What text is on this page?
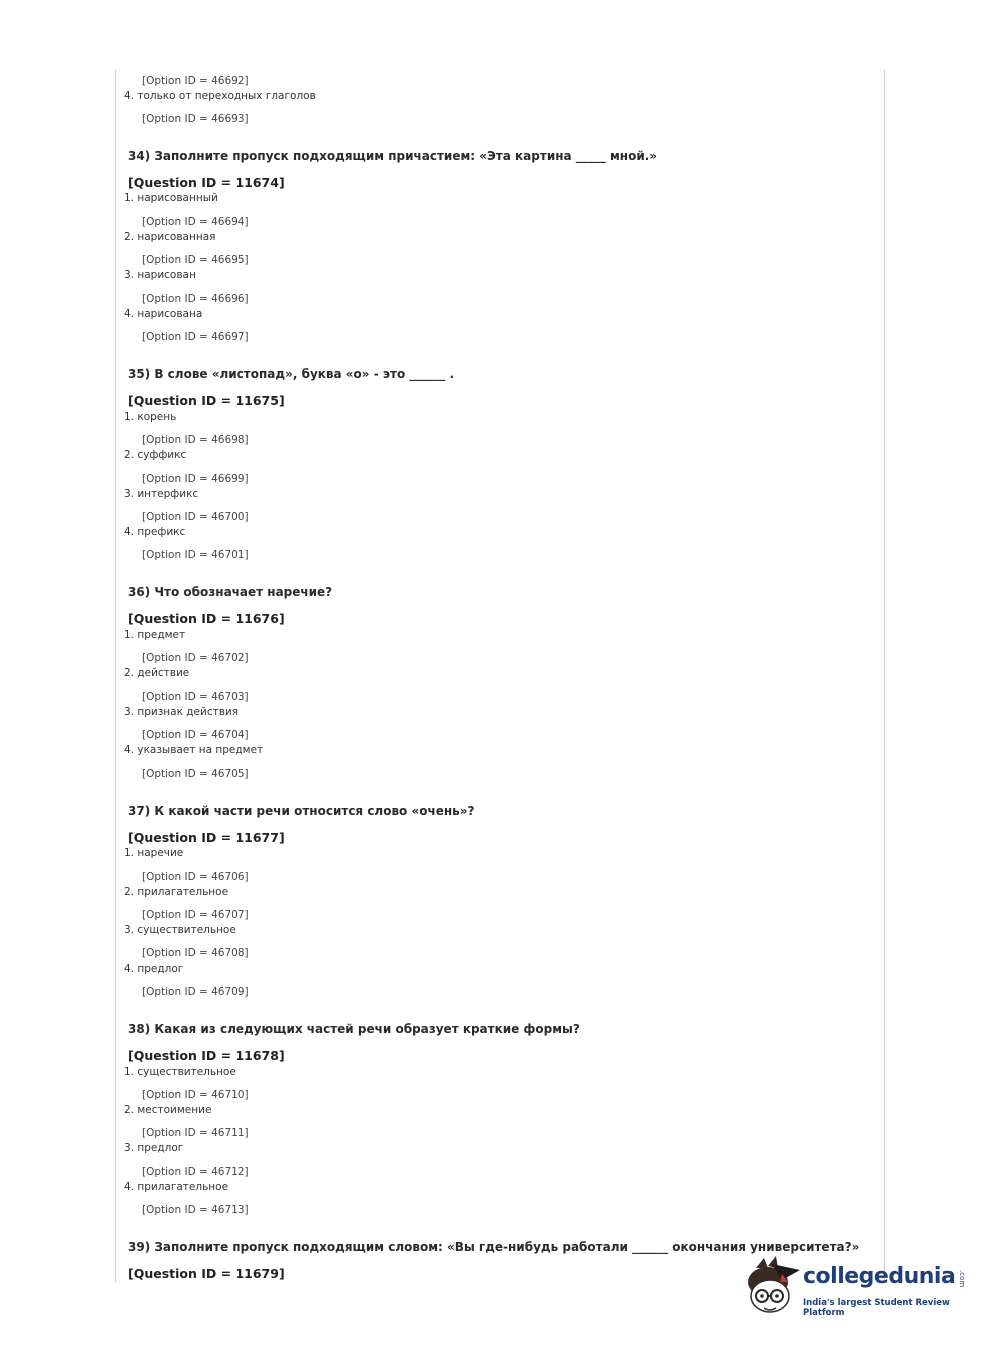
[Option ID = 46692]
4. только от переходных глаголов
[Option ID = 46693]
34) Заполните пропуск подходящим причастием: «Эта картина _____ мной.»
[Question ID = 11674]
1. нарисованный
[Option ID = 46694]
2. нарисованная
[Option ID = 46695]
3. нарисован
[Option ID = 46696]
4. нарисована
[Option ID = 46697]
35) В слове «листопад», буква «о» - это ______ .
[Question ID = 11675]
1. корень
[Option ID = 46698]
2. суффикс
[Option ID = 46699]
3. интерфикс
[Option ID = 46700]
4. префикс
[Option ID = 46701]
36) Что обозначает наречие?
[Question ID = 11676]
1. предмет
[Option ID = 46702]
2. действие
[Option ID = 46703]
3. признак действия
[Option ID = 46704]
4. указывает на предмет
[Option ID = 46705]
37) К какой части речи относится слово «очень»?
[Question ID = 11677]
1. наречие
[Option ID = 46706]
2. прилагательное
[Option ID = 46707]
3. существительное
[Option ID = 46708]
4. предлог
[Option ID = 46709]
38) Какая из следующих частей речи образует краткие формы?
[Question ID = 11678]
1. существительное
[Option ID = 46710]
2. местоимение
[Option ID = 46711]
3. предлог
[Option ID = 46712]
4. прилагательное
[Option ID = 46713]
39) Заполните пропуск подходящим словом: «Вы где-нибудь работали ______ окончания университета?»
[Question ID = 11679]	collegedunia .com
India's largest Student Review Platform
